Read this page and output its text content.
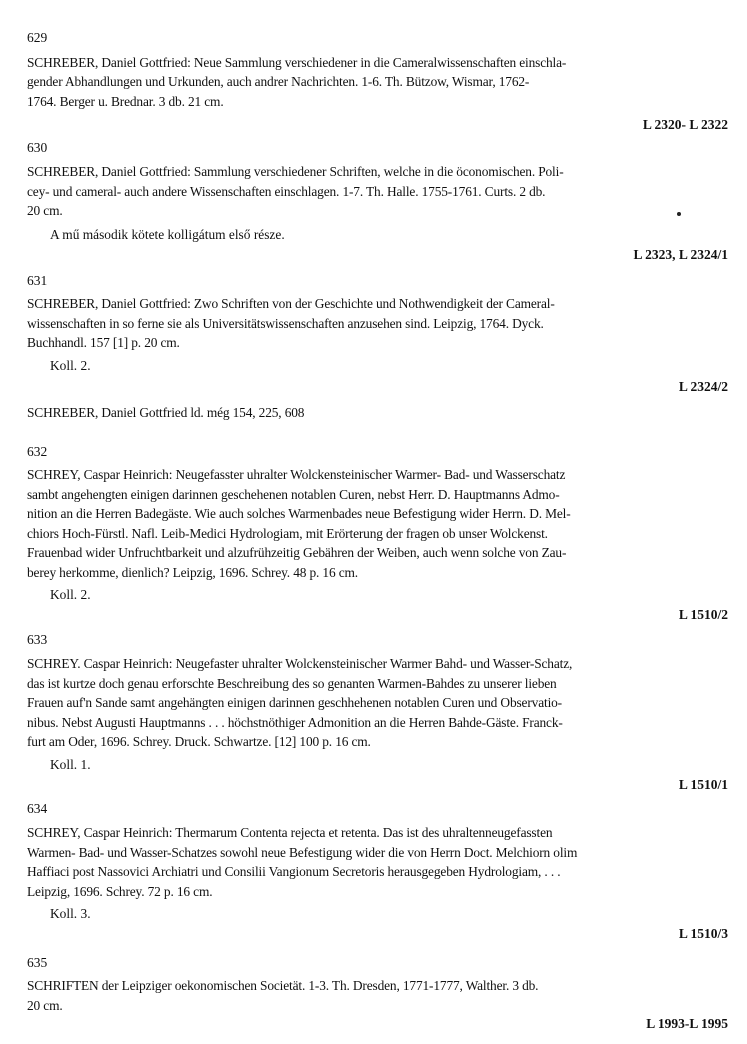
629
SCHREBER, Daniel Gottfried: Neue Sammlung verschiedener in die Cameralwissenschaften einschla-
gender Abhandlungen und Urkunden, auch andrer Nachrichten. 1-6. Th. Bützow, Wismar, 1762-
1764. Berger u. Brednar. 3 db. 21 cm.
L 2320- L 2322
630
SCHREBER, Daniel Gottfried: Sammlung verschiedener Schriften, welche in die öconomischen. Poli-
cey- und cameral- auch andere Wissenschaften einschlagen. 1-7. Th. Halle. 1755-1761. Curts. 2 db.
20 cm.
A mű második kötete kolligátum első része.
L 2323, L 2324/1
631
SCHREBER, Daniel Gottfried: Zwo Schriften von der Geschichte und Nothwendigkeit der Cameral-
wissenschaften in so ferne sie als Universitätswissenschaften anzusehen sind. Leipzig, 1764. Dyck.
Buchhandl. 157 [1] p. 20 cm.
Koll. 2.
L 2324/2
SCHREBER, Daniel Gottfried ld. még 154, 225, 608
632
SCHREY, Caspar Heinrich: Neugefasster uhralter Wolckensteinischer Warmer- Bad- und Wasserschatz
sambt angehengten einigen darinnen geschehenen notablen Curen, nebst Herr. D. Hauptmanns Admo-
nition an die Herren Badegäste. Wie auch solches Warmenbades neue Befestigung wider Herrn. D. Mel-
chiors Hoch-Fürstl. Nafl. Leib-Medici Hydrologiam, mit Erörterung der fragen ob unser Wolckenst.
Frauenbad wider Unfruchtbarkeit und alzufrühzeitig Gebähren der Weiben, auch wenn solche von Zau-
berey herkomme, dienlich? Leipzig, 1696. Schrey. 48 p. 16 cm.
Koll. 2.
L 1510/2
633
SCHREY. Caspar Heinrich: Neugefaster uhralter Wolckensteinischer Warmer Bahd- und Wasser-Schatz,
das ist kurtze doch genau erforschte Beschreibung des so genanten Warmen-Bahdes zu unserer lieben
Frauen auf'n Sande samt angehängten einigen darinnen geschhehenen notablen Curen und Observatio-
nibus. Nebst Augusti Hauptmanns . . . höchstnöthiger Admonition an die Herren Bahde-Gäste. Franck-
furt am Oder, 1696. Schrey. Druck. Schwartze. [12] 100 p. 16 cm.
Koll. 1.
L 1510/1
634
SCHREY, Caspar Heinrich: Thermarum Contenta rejecta et retenta. Das ist des uhraltenneugefassten
Warmen- Bad- und Wasser-Schatzes sowohl neue Befestigung wider die von Herrn Doct. Melchiorn olim
Haffiaci post Nassovici Archiatri und Consilii Vangionum Secretoris herausgegeben Hydrologiam, . . .
Leipzig, 1696. Schrey. 72 p. 16 cm.
Koll. 3.
L 1510/3
635
SCHRIFTEN der Leipziger oekonomischen Societät. 1-3. Th. Dresden, 1771-1777, Walther. 3 db.
20 cm.
L 1993-L 1995
